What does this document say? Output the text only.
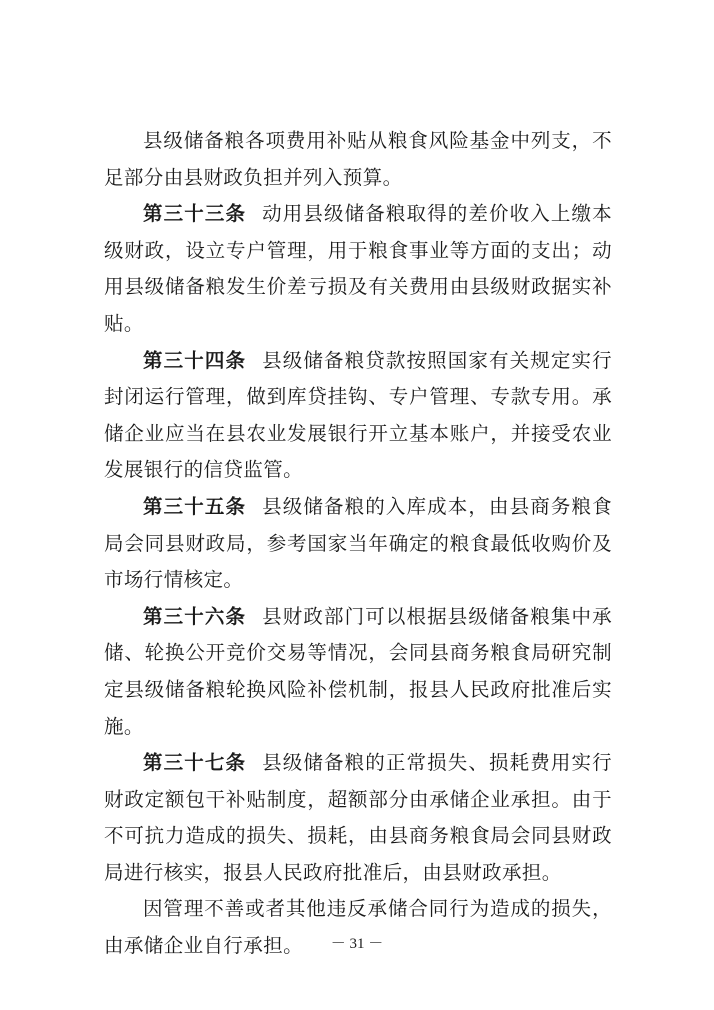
县级储备粮各项费用补贴从粮食风险基金中列支，不足部分由县财政负担并列入预算。

第三十三条 动用县级储备粮取得的差价收入上缴本级财政，设立专户管理，用于粮食事业等方面的支出；动用县级储备粮发生价差亏损及有关费用由县级财政据实补贴。

第三十四条 县级储备粮贷款按照国家有关规定实行封闭运行管理，做到库贷挂钩、专户管理、专款专用。承储企业应当在县农业发展银行开立基本账户，并接受农业发展银行的信贷监管。

第三十五条 县级储备粮的入库成本，由县商务粮食局会同县财政局，参考国家当年确定的粮食最低收购价及市场行情核定。

第三十六条 县财政部门可以根据县级储备粮集中承储、轮换公开竞价交易等情况，会同县商务粮食局研究制定县级储备粮轮换风险补偿机制，报县人民政府批准后实施。

第三十七条 县级储备粮的正常损失、损耗费用实行财政定额包干补贴制度，超额部分由承储企业承担。由于不可抗力造成的损失、损耗，由县商务粮食局会同县财政局进行核实，报县人民政府批准后，由县财政承担。

因管理不善或者其他违反承储合同行为造成的损失，由承储企业自行承担。	－ 31 －
